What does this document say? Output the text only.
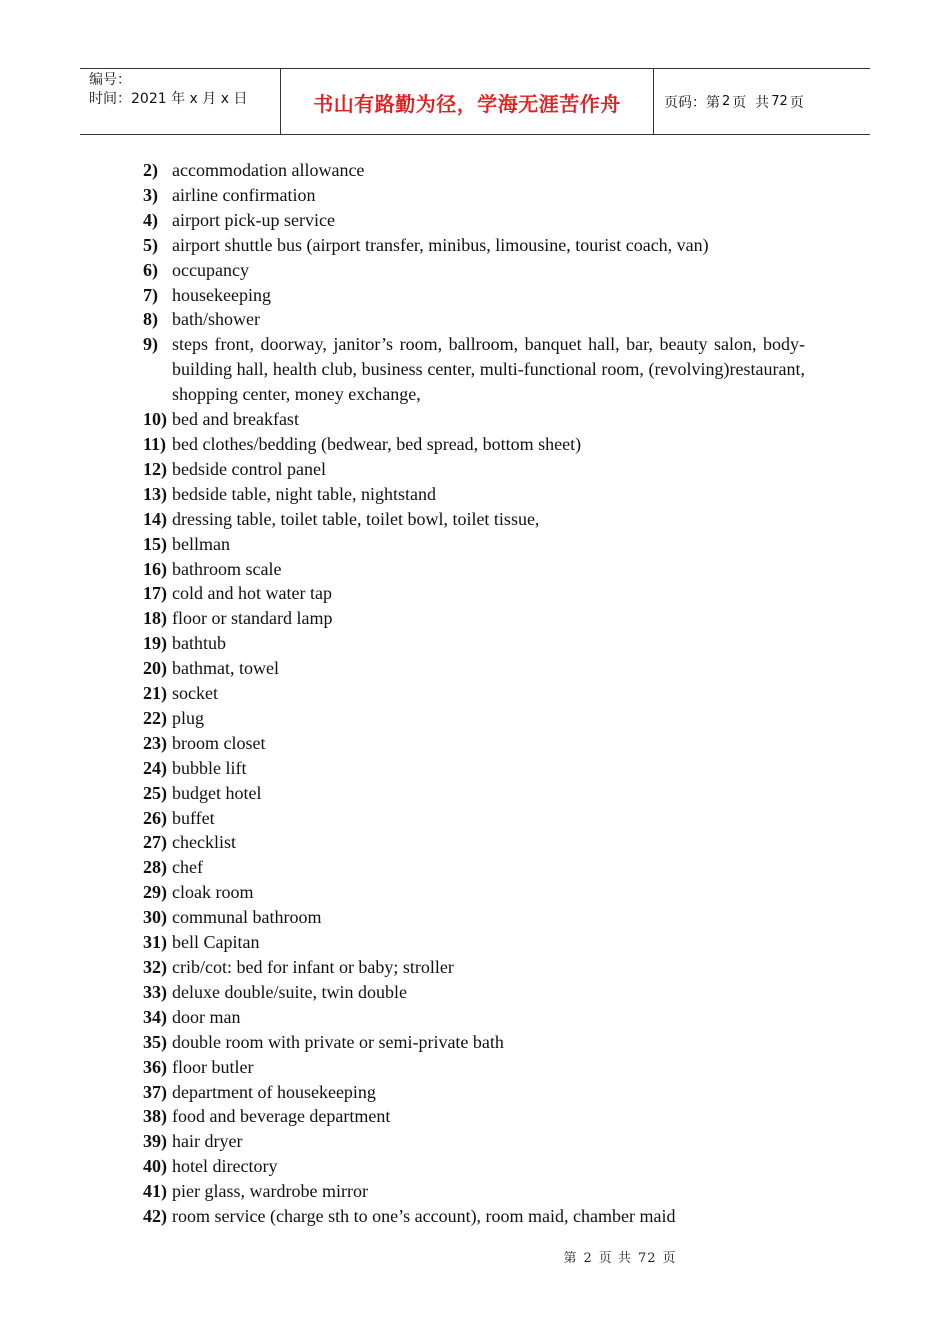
编号：
时间：2021 年 x 月 x 日	书山有路勤为径，学海无涯苦作舟	页码：第 2 页  共 72 页
2) accommodation allowance
3) airline confirmation
4) airport pick-up service
5) airport shuttle bus (airport transfer, minibus, limousine, tourist coach, van)
6) occupancy
7) housekeeping
8) bath/shower
9) steps front, doorway, janitor’s room, ballroom, banquet hall, bar, beauty salon, body-building hall, health club, business center, multi-functional room, (revolving)restaurant, shopping center, money exchange,
10) bed and breakfast
11) bed clothes/bedding (bedwear, bed spread, bottom sheet)
12) bedside control panel
13) bedside table, night table, nightstand
14) dressing table, toilet table, toilet bowl, toilet tissue,
15) bellman
16) bathroom scale
17) cold and hot water tap
18) floor or standard lamp
19) bathtub
20) bathmat, towel
21) socket
22) plug
23) broom closet
24) bubble lift
25) budget hotel
26) buffet
27) checklist
28) chef
29) cloak room
30) communal bathroom
31) bell Capitan
32) crib/cot: bed for infant or baby; stroller
33) deluxe double/suite, twin double
34) door man
35) double room with private or semi-private bath
36) floor butler
37) department of housekeeping
38) food and beverage department
39) hair dryer
40) hotel directory
41) pier glass, wardrobe mirror
42) room service (charge sth to one’s account), room maid, chamber maid
第 2 页 共 72 页
